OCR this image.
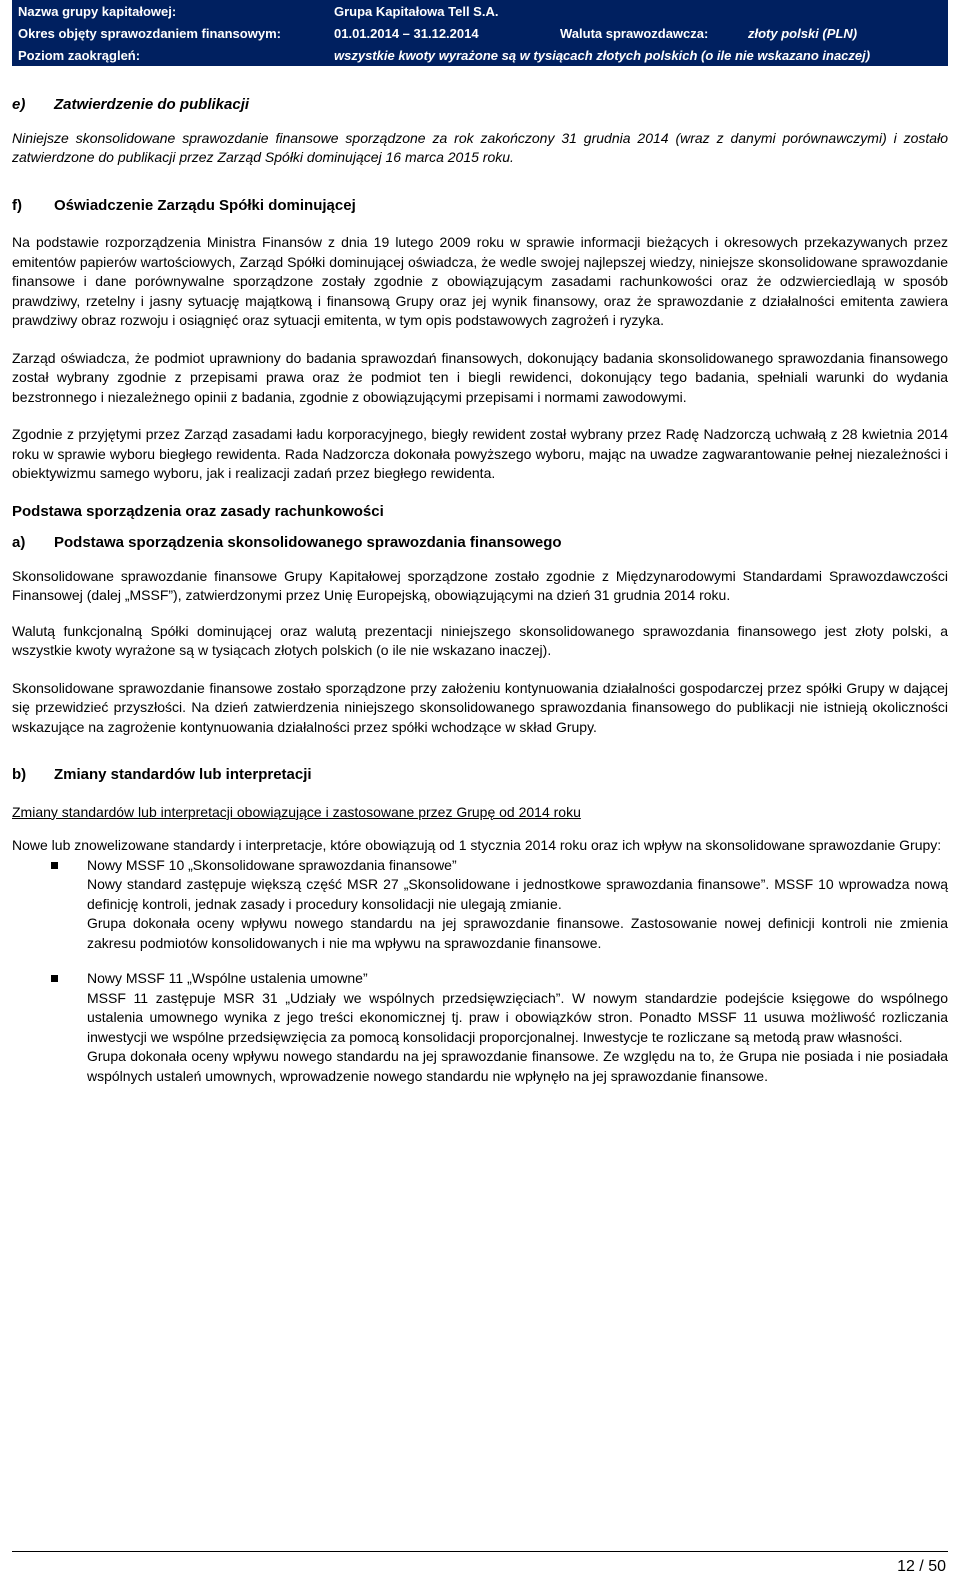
Nazwa grupy kapitałowej:	Grupa Kapitałowa Tell S.A.
Okres objęty sprawozdaniem finansowym:	01.01.2014 – 31.12.2014	Waluta sprawozdawcza:	złoty polski (PLN)
Poziom zaokrągleń:	wszystkie kwoty wyrażone są w tysiącach złotych polskich (o ile nie wskazano inaczej)

e) Zatwierdzenie do publikacji

Niniejsze skonsolidowane sprawozdanie finansowe sporządzone za rok zakończony 31 grudnia 2014 (wraz z danymi porównawczymi) i zostało zatwierdzone do publikacji przez Zarząd Spółki dominującej 16 marca 2015 roku.

f) Oświadczenie Zarządu Spółki dominującej

Na podstawie rozporządzenia Ministra Finansów z dnia 19 lutego 2009 roku w sprawie informacji bieżących i okresowych przekazywanych przez emitentów papierów wartościowych, Zarząd Spółki dominującej oświadcza, że wedle swojej najlepszej wiedzy, niniejsze skonsolidowane sprawozdanie finansowe i dane porównywalne sporządzone zostały zgodnie z obowiązującym zasadami rachunkowości oraz że odzwierciedlają w sposób prawdziwy, rzetelny i jasny sytuację majątkową i finansową Grupy oraz jej wynik finansowy, oraz że sprawozdanie z działalności emitenta zawiera prawdziwy obraz rozwoju i osiągnięć oraz sytuacji emitenta, w tym opis podstawowych zagrożeń i ryzyka.

Zarząd oświadcza, że podmiot uprawniony do badania sprawozdań finansowych, dokonujący badania skonsolidowanego sprawozdania finansowego został wybrany zgodnie z przepisami prawa oraz że podmiot ten i biegli rewidenci, dokonujący tego badania, spełniali warunki do wydania bezstronnego i niezależnego opinii z badania, zgodnie z obowiązującymi przepisami i normami zawodowymi.

Zgodnie z przyjętymi przez Zarząd zasadami ładu korporacyjnego, biegły rewident został wybrany przez Radę Nadzorczą uchwałą z 28 kwietnia 2014 roku w sprawie wyboru biegłego rewidenta. Rada Nadzorcza dokonała powyższego wyboru, mając na uwadze zagwarantowanie pełnej niezależności i obiektywizmu samego wyboru, jak i realizacji zadań przez biegłego rewidenta.

Podstawa sporządzenia oraz zasady rachunkowości

a) Podstawa sporządzenia skonsolidowanego sprawozdania finansowego

Skonsolidowane sprawozdanie finansowe Grupy Kapitałowej sporządzone zostało zgodnie z Międzynarodowymi Standardami Sprawozdawczości Finansowej (dalej „MSSF”), zatwierdzonymi przez Unię Europejską, obowiązującymi na dzień 31 grudnia 2014 roku.

Walutą funkcjonalną Spółki dominującej oraz walutą prezentacji niniejszego skonsolidowanego sprawozdania finansowego jest złoty polski, a wszystkie kwoty wyrażone są w tysiącach złotych polskich (o ile nie wskazano inaczej).

Skonsolidowane sprawozdanie finansowe zostało sporządzone przy założeniu kontynuowania działalności gospodarczej przez spółki Grupy w dającej się przewidzieć przyszłości. Na dzień zatwierdzenia niniejszego skonsolidowanego sprawozdania finansowego do publikacji nie istnieją okoliczności wskazujące na zagrożenie kontynuowania działalności przez spółki wchodzące w skład Grupy.

b) Zmiany standardów lub interpretacji

Zmiany standardów lub interpretacji obowiązujące i zastosowane przez Grupę od 2014 roku

Nowe lub znowelizowane standardy i interpretacje, które obowiązują od 1 stycznia 2014 roku oraz ich wpływ na skonsolidowane sprawozdanie Grupy:

Nowy MSSF 10 „Skonsolidowane sprawozdania finansowe”

Nowy standard zastępuje większą część MSR 27 „Skonsolidowane i jednostkowe sprawozdania finansowe”. MSSF 10 wprowadza nową definicję kontroli, jednak zasady i procedury konsolidacji nie ulegają zmianie.

Grupa dokonała oceny wpływu nowego standardu na jej sprawozdanie finansowe. Zastosowanie nowej definicji kontroli nie zmienia zakresu podmiotów konsolidowanych i nie ma wpływu na sprawozdanie finansowe.

Nowy MSSF 11 „Wspólne ustalenia umowne”

MSSF 11 zastępuje MSR 31 „Udziały we wspólnych przedsięwzięciach”. W nowym standardzie podejście księgowe do wspólnego ustalenia umownego wynika z jego treści ekonomicznej tj. praw i obowiązków stron. Ponadto MSSF 11 usuwa możliwość rozliczania inwestycji we wspólne przedsięwzięcia za pomocą konsolidacji proporcjonalnej. Inwestycje te rozliczane są metodą praw własności.

Grupa dokonała oceny wpływu nowego standardu na jej sprawozdanie finansowe. Ze względu na to, że Grupa nie posiada i nie posiadała wspólnych ustaleń umownych, wprowadzenie nowego standardu nie wpłynęło na jej sprawozdanie finansowe.

12 / 50
